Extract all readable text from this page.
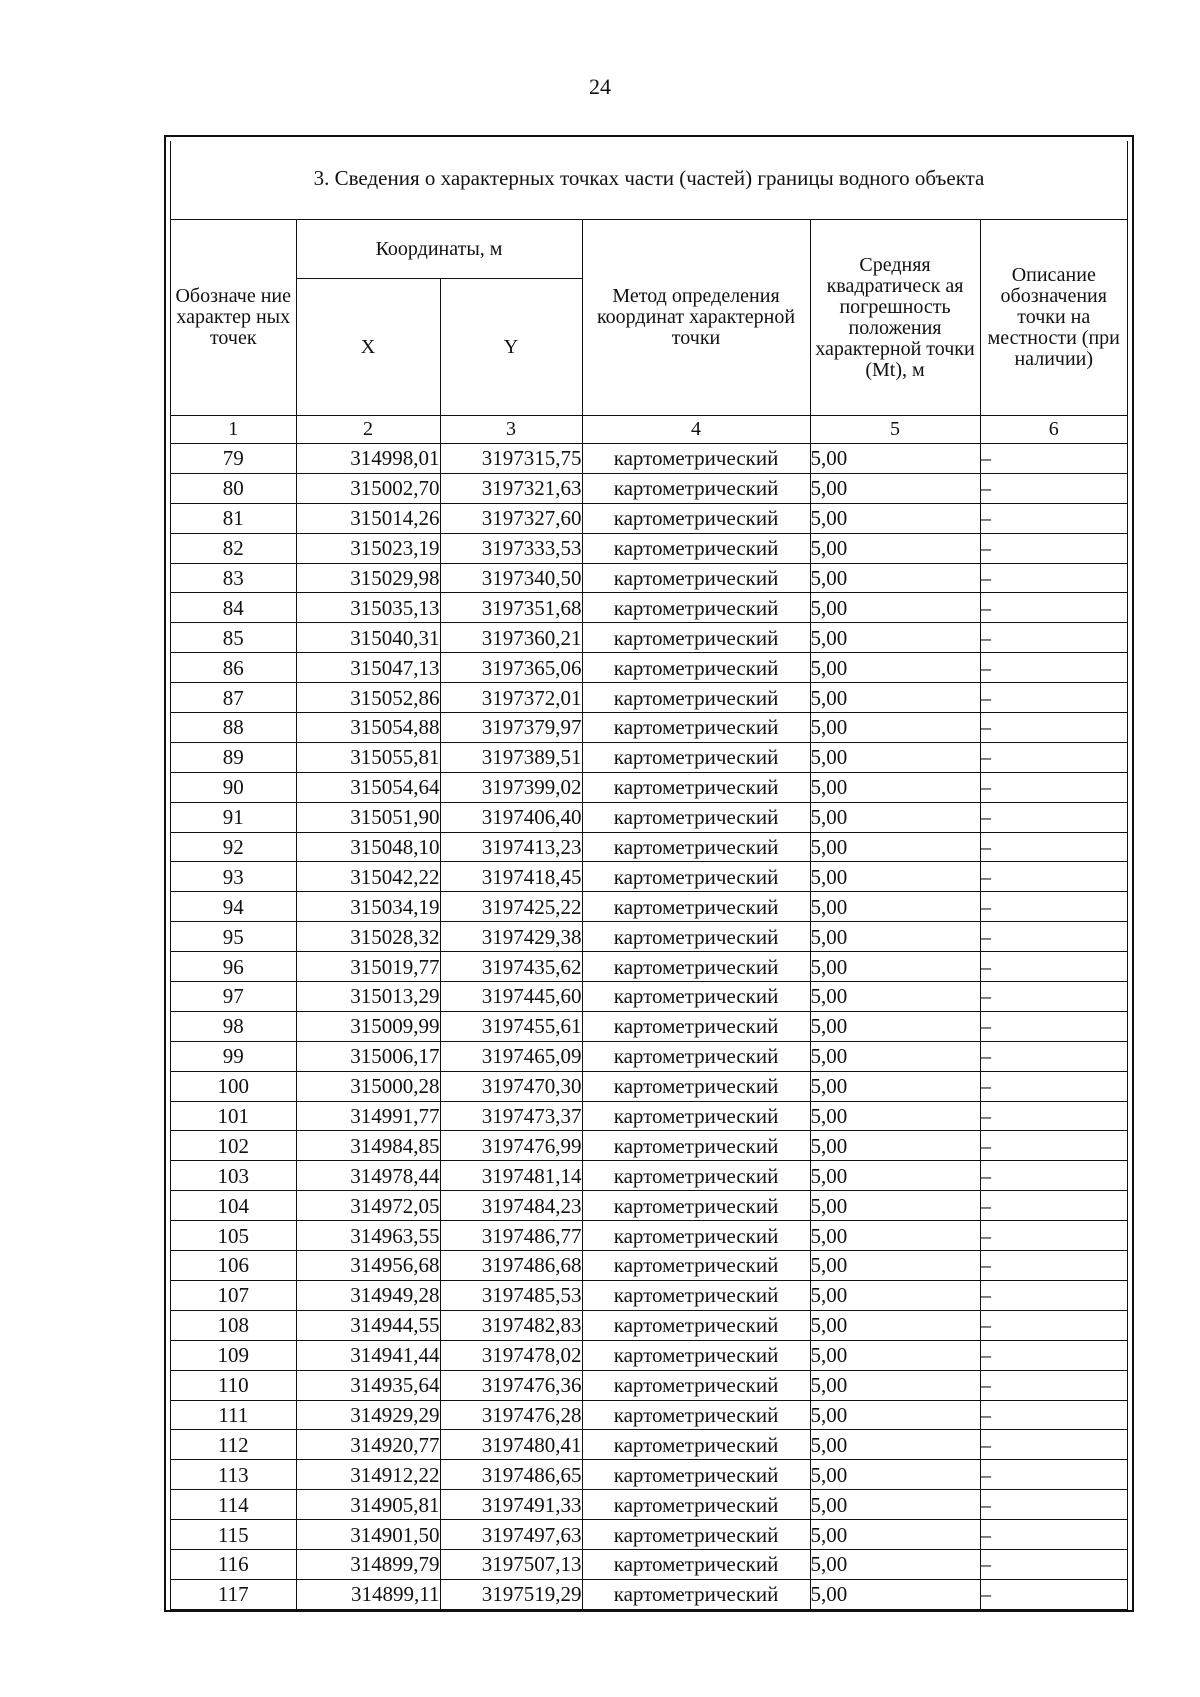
24
3. Сведения о характерных точках части (частей) границы водного объекта
Обозначе ние характер ных точек	Координаты, м		Метод определения координат характерной точки	Средняя квадратическ ая погрешность положения характерной точки (Mt), м	Описание обозначения точки на местности (при наличии)
	X	Y			
1	2	3	4	5	6
79	314998,01	3197315,75	картометрический	5,00	–
80	315002,70	3197321,63	картометрический	5,00	–
81	315014,26	3197327,60	картометрический	5,00	–
82	315023,19	3197333,53	картометрический	5,00	–
83	315029,98	3197340,50	картометрический	5,00	–
84	315035,13	3197351,68	картометрический	5,00	–
85	315040,31	3197360,21	картометрический	5,00	–
86	315047,13	3197365,06	картометрический	5,00	–
87	315052,86	3197372,01	картометрический	5,00	–
88	315054,88	3197379,97	картометрический	5,00	–
89	315055,81	3197389,51	картометрический	5,00	–
90	315054,64	3197399,02	картометрический	5,00	–
91	315051,90	3197406,40	картометрический	5,00	–
92	315048,10	3197413,23	картометрический	5,00	–
93	315042,22	3197418,45	картометрический	5,00	–
94	315034,19	3197425,22	картометрический	5,00	–
95	315028,32	3197429,38	картометрический	5,00	–
96	315019,77	3197435,62	картометрический	5,00	–
97	315013,29	3197445,60	картометрический	5,00	–
98	315009,99	3197455,61	картометрический	5,00	–
99	315006,17	3197465,09	картометрический	5,00	–
100	315000,28	3197470,30	картометрический	5,00	–
101	314991,77	3197473,37	картометрический	5,00	–
102	314984,85	3197476,99	картометрический	5,00	–
103	314978,44	3197481,14	картометрический	5,00	–
104	314972,05	3197484,23	картометрический	5,00	–
105	314963,55	3197486,77	картометрический	5,00	–
106	314956,68	3197486,68	картометрический	5,00	–
107	314949,28	3197485,53	картометрический	5,00	–
108	314944,55	3197482,83	картометрический	5,00	–
109	314941,44	3197478,02	картометрический	5,00	–
110	314935,64	3197476,36	картометрический	5,00	–
111	314929,29	3197476,28	картометрический	5,00	–
112	314920,77	3197480,41	картометрический	5,00	–
113	314912,22	3197486,65	картометрический	5,00	–
114	314905,81	3197491,33	картометрический	5,00	–
115	314901,50	3197497,63	картометрический	5,00	–
116	314899,79	3197507,13	картометрический	5,00	–
117	314899,11	3197519,29	картометрический	5,00	–
